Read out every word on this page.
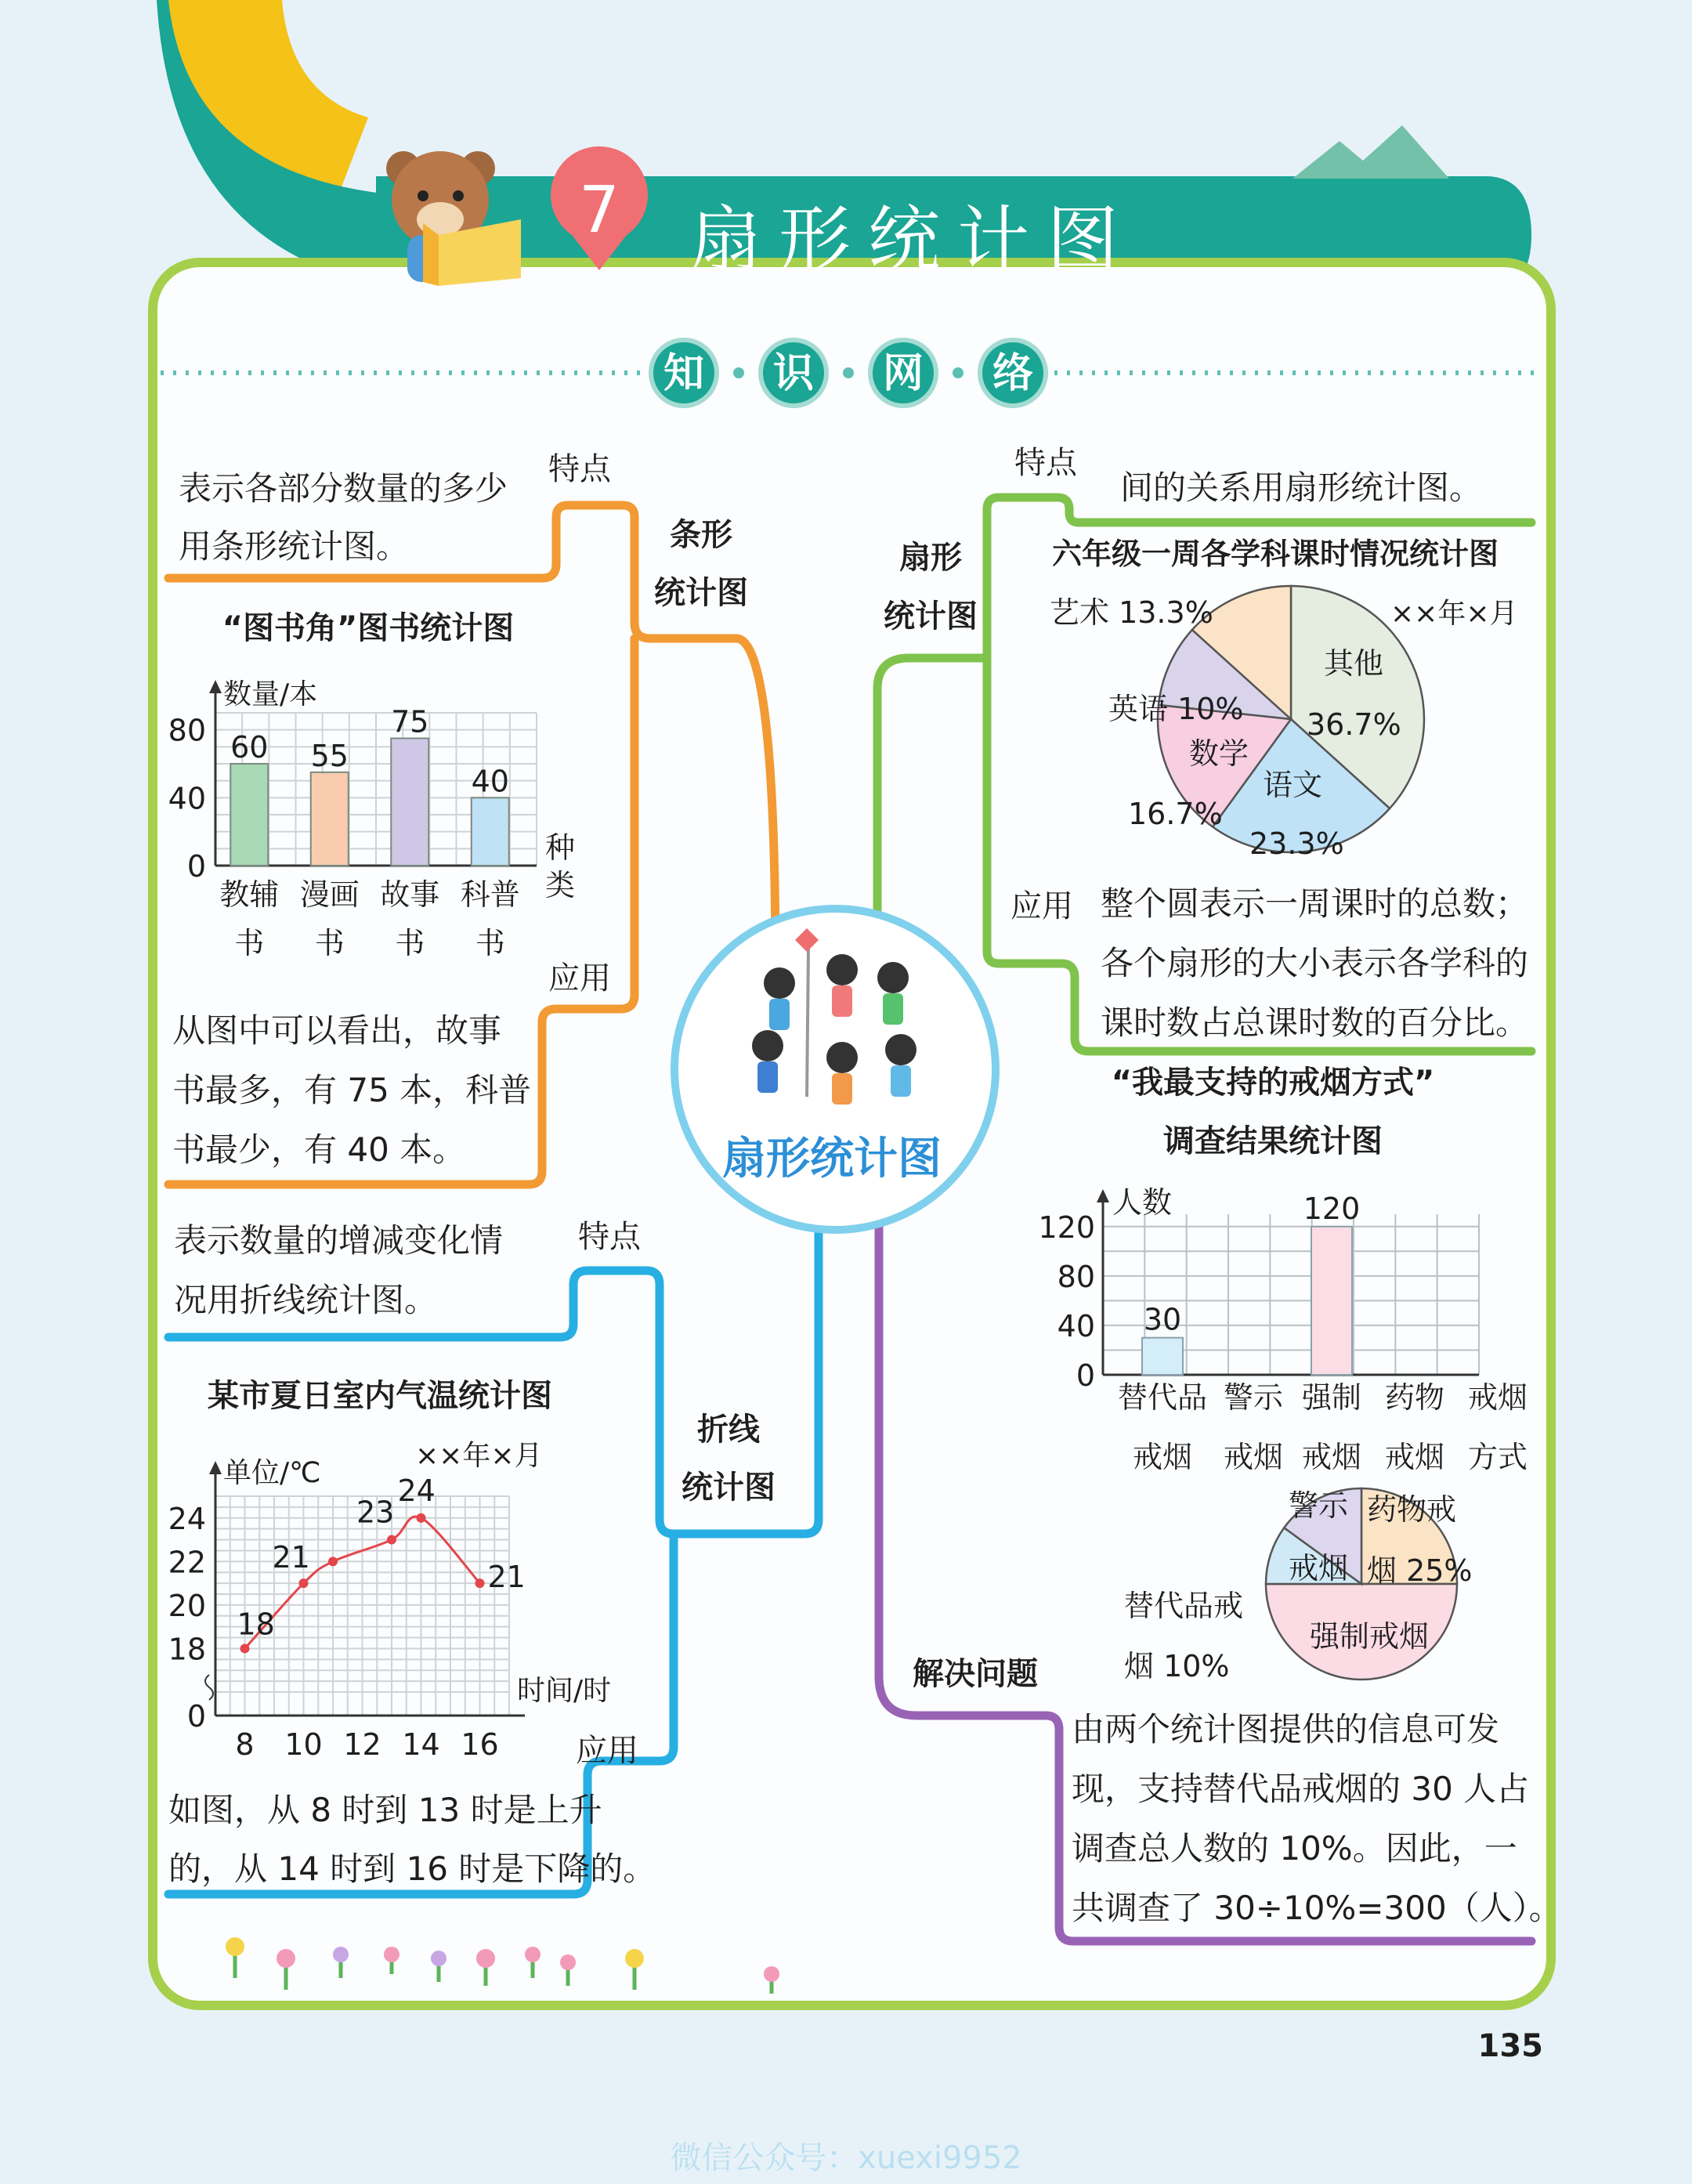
7 扇形统计图
知 识 网 络
扇形统计图
特点
表示各部分数量的多少
用条形统计图。	条形
统计图
“图书角”图书统计图
数量/本
0
40
80 60
教辅
书
55
漫画
书
75
故事
书
40
科普
书
种
类
应用
从图中可以看出，故事
书最多，有 75 本，科普
书最少，有 40 本。
特点
表示数量的增减变化情
况用折线统计图。
折线
统计图
某市夏日室内气温统计图
××年×月
单位/℃
时间/时
0
18
20
22
24
8 10 12 14 16
18
21
23
24
21
应用
如图，从 8 时到 13 时是上升
的，从 14 时到 16 时是下降的。
特点
间的关系用扇形统计图。
扇形
统计图
六年级一周各学科课时情况统计图
××年×月
其他
36.7%
语文
23.3%
数学
16.7%
英语 10%
艺术 13.3%
应用 整个圆表示一周课时的总数；
各个扇形的大小表示各学科的
课时数占总课时数的百分比。
“我最支持的戒烟方式”
调查结果统计图
人数
0
40
80
120
30
替代品
戒烟
警示
戒烟
120
强制
戒烟
药物
戒烟
戒烟
方式
药物戒
烟 25%
强制戒烟
替代品戒
烟 10%
警示
戒烟
解决问题
由两个统计图提供的信息可发
现，支持替代品戒烟的 30 人占
调查总人数的 10%。因此，一
共调查了 30÷10%=300（人）。
135
微信公众号：xuexi9952
